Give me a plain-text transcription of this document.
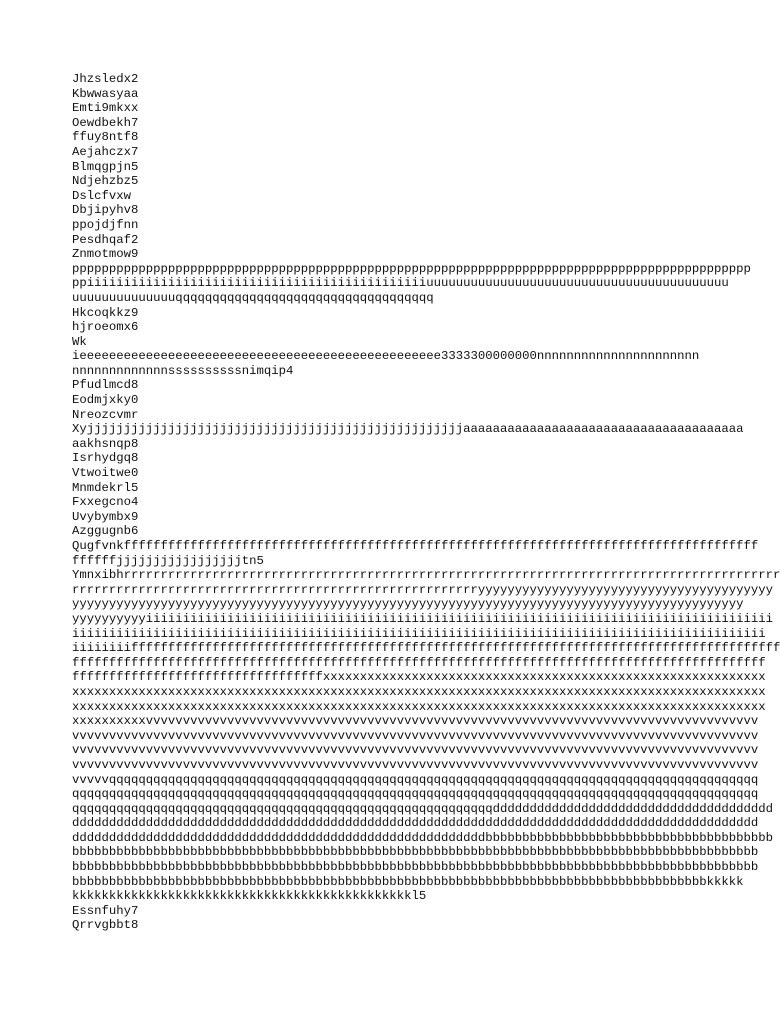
Jhzsledx2
Kbwwasyaa
Emti9mkxx
Oewdbekh7
ffuy8ntf8
Aejahczx7
Blmqgpjn5
Ndjehzbz5
Dslcfvxw
Dbjipyhv8
ppojdjfnn
Pesdhqaf2
Znmotmow9
pppppppppppppppppppppppppppppppppppppppppppppppppppppppppppppppppppppppppppppppppppppppppppp
ppiiiiiiiiiiiiiiiiiiiiiiiiiiiiiiiiiiiiiiiiiiiiiiuuuuuuuuuuuuuuuuuuuuuuuuuuuuuuuuuuuuuuuuu
uuuuuuuuuuuuuuqqqqqqqqqqqqqqqqqqqqqqqqqqqqqqqqqqq
Hkcoqkkz9
hjroeomx6
Wk
ieeeeeeeeeeeeeeeeeeeeeeeeeeeeeeeeeeeeeeeeeeeeeeeee3333300000000nnnnnnnnnnnnnnnnnnnnnn
nnnnnnnnnnnnnssssssssssnimqip4
Pfudlmcd8
Eodmjxky0
Nreozcvmr
Xyjjjjjjjjjjjjjjjjjjjjjjjjjjjjjjjjjjjjjjjjjjjjjjjjjjjaaaaaaaaaaaaaaaaaaaaaaaaaaaaaaaaaaaaaa
aakhsnqp8
Isrhydgq8
Vtwoitwe0
Mnmdekrl5
Fxxegcno4
Uvybymbx9
Azggugnb6
Qugfvnkffffffffffffffffffffffffffffffffffffffffffffffffffffffffffffffffffffffffffffffffffffff
ffffffjjjjjjjjjjjjjjjjjtn5
Ymnxibhrrrrrrrrrrrrrrrrrrrrrrrrrrrrrrrrrrrrrrrrrrrrrrrrrrrrrrrrrrrrrrrrrrrrrrrrrrrrrrrrrrrrrrrrr
rrrrrrrrrrrrrrrrrrrrrrrrrrrrrrrrrrrrrrrrrrrrrrrrrrrrrrryyyyyyyyyyyyyyyyyyyyyyyyyyyyyyyyyyyyyyyy
yyyyyyyyyyyyyyyyyyyyyyyyyyyyyyyyyyyyyyyyyyyyyyyyyyyyyyyyyyyyyyyyyyyyyyyyyyyyyyyyyyyyyyyyyyy
yyyyyyyyyyiiiiiiiiiiiiiiiiiiiiiiiiiiiiiiiiiiiiiiiiiiiiiiiiiiiiiiiiiiiiiiiiiiiiiiiiiiiiiiiiiiiii
iiiiiiiiiiiiiiiiiiiiiiiiiiiiiiiiiiiiiiiiiiiiiiiiiiiiiiiiiiiiiiiiiiiiiiiiiiiiiiiiiiiiiiiiiiiiii
iiiiiiiiffffffffffffffffffffffffffffffffffffffffffffffffffffffffffffffffffffffffffffffffffffffff
ffffffffffffffffffffffffffffffffffffffffffffffffffffffffffffffffffffffffffffffffffffffffffffff
ffffffffffffffffffffffffffffffffffxxxxxxxxxxxxxxxxxxxxxxxxxxxxxxxxxxxxxxxxxxxxxxxxxxxxxxxxxxxx
xxxxxxxxxxxxxxxxxxxxxxxxxxxxxxxxxxxxxxxxxxxxxxxxxxxxxxxxxxxxxxxxxxxxxxxxxxxxxxxxxxxxxxxxxxxxxx
xxxxxxxxxxxxxxxxxxxxxxxxxxxxxxxxxxxxxxxxxxxxxxxxxxxxxxxxxxxxxxxxxxxxxxxxxxxxxxxxxxxxxxxxxxxxxx
xxxxxxxxxxvvvvvvvvvvvvvvvvvvvvvvvvvvvvvvvvvvvvvvvvvvvvvvvvvvvvvvvvvvvvvvvvvvvvvvvvvvvvvvvvvvv
vvvvvvvvvvvvvvvvvvvvvvvvvvvvvvvvvvvvvvvvvvvvvvvvvvvvvvvvvvvvvvvvvvvvvvvvvvvvvvvvvvvvvvvvvvvvv
vvvvvvvvvvvvvvvvvvvvvvvvvvvvvvvvvvvvvvvvvvvvvvvvvvvvvvvvvvvvvvvvvvvvvvvvvvvvvvvvvvvvvvvvvvvvv
vvvvvvvvvvvvvvvvvvvvvvvvvvvvvvvvvvvvvvvvvvvvvvvvvvvvvvvvvvvvvvvvvvvvvvvvvvvvvvvvvvvvvvvvvvvvv
vvvvvqqqqqqqqqqqqqqqqqqqqqqqqqqqqqqqqqqqqqqqqqqqqqqqqqqqqqqqqqqqqqqqqqqqqqqqqqqqqqqqqqqqqqqqq
qqqqqqqqqqqqqqqqqqqqqqqqqqqqqqqqqqqqqqqqqqqqqqqqqqqqqqqqqqqqqqqqqqqqqqqqqqqqqqqqqqqqqqqqqqqqq
qqqqqqqqqqqqqqqqqqqqqqqqqqqqqqqqqqqqqqqqqqqqqqqqqqqqqqqqqdddddddddddddddddddddddddddddddddddddd
ddddddddddddddddddddddddddddddddddddddddddddddddddddddddddddddddddddddddddddddddddddddddddddd
ddddddddddddddddddddddddddddddddddddddddddddddddddddddddbbbbbbbbbbbbbbbbbbbbbbbbbbbbbbbbbbbbbbb
bbbbbbbbbbbbbbbbbbbbbbbbbbbbbbbbbbbbbbbbbbbbbbbbbbbbbbbbbbbbbbbbbbbbbbbbbbbbbbbbbbbbbbbbbbbbb
bbbbbbbbbbbbbbbbbbbbbbbbbbbbbbbbbbbbbbbbbbbbbbbbbbbbbbbbbbbbbbbbbbbbbbbbbbbbbbbbbbbbbbbbbbbbb
bbbbbbbbbbbbbbbbbbbbbbbbbbbbbbbbbbbbbbbbbbbbbbbbbbbbbbbbbbbbbbbbbbbbbbbbbbbbbbbbbbbbbbkkkkk
kkkkkkkkkkkkkkkkkkkkkkkkkkkkkkkkkkkkkkkkkkkkkkl5
Essnfuhy7
Qrrvgbbt8
